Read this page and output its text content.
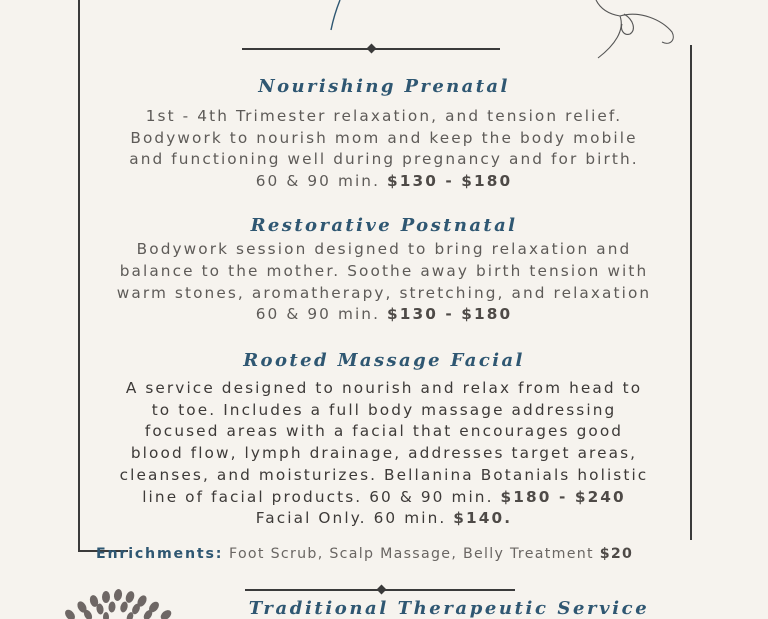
Nourishing Prenatal
1st - 4th Trimester relaxation, and tension relief.
Bodywork to nourish mom and keep the body mobile
and functioning well during pregnancy and for birth.
60 & 90 min. $130 - $180
Restorative Postnatal
Bodywork session designed to bring relaxation and
balance to the mother. Soothe away birth tension with
warm stones, aromatherapy, stretching, and relaxation
60 & 90 min. $130 - $180
Rooted Massage Facial
A service designed to nourish and relax from head to
to toe. Includes a full body massage addressing
focused areas with a facial that encourages good
blood flow, lymph drainage, addresses target areas,
cleanses, and moisturizes. Bellanina Botanials holistic
line of facial products. 60 & 90 min. $180 - $240
Facial Only. 60 min. $140.
Enrichments: Foot Scrub, Scalp Massage, Belly Treatment $20
Traditional Therapeutic Service
